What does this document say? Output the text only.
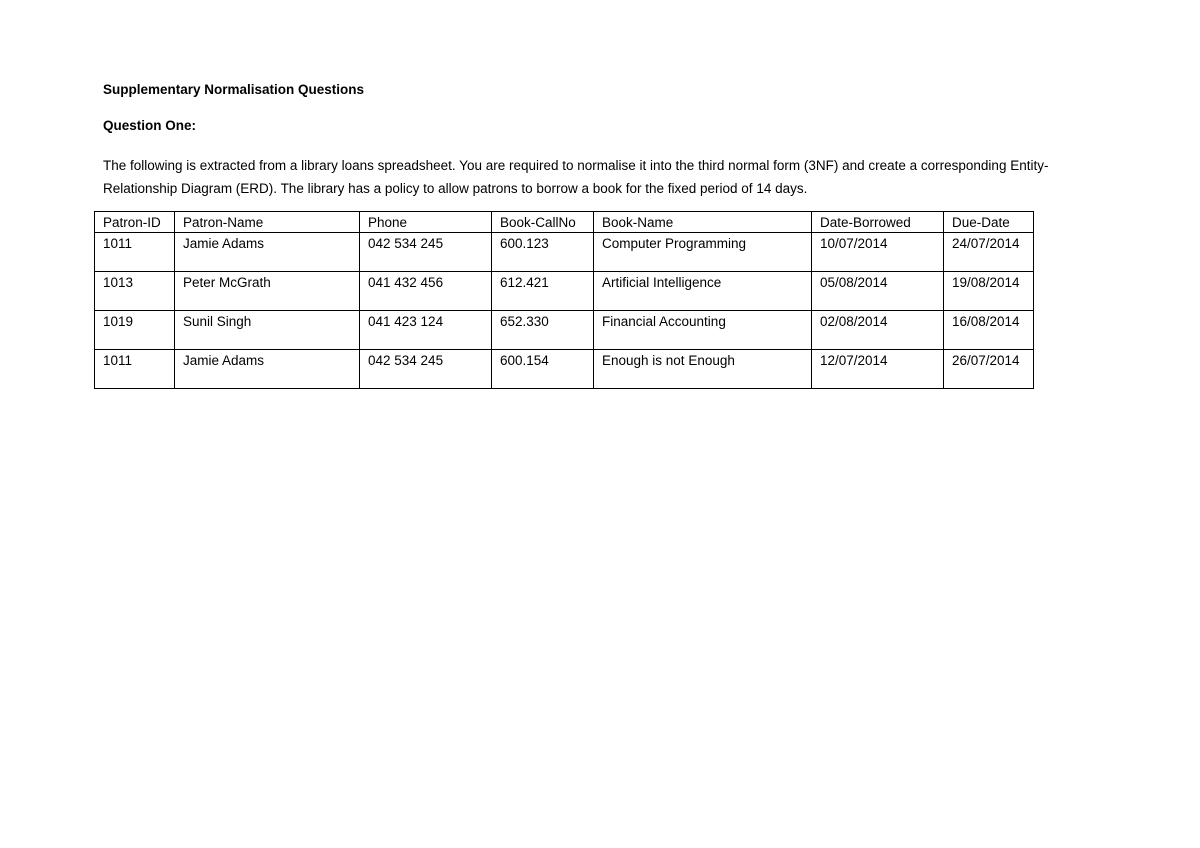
Supplementary Normalisation Questions
Question One:

The following is extracted from a library loans spreadsheet. You are required to normalise it into the third normal form (3NF) and create a corresponding Entity-Relationship Diagram (ERD). The library has a policy to allow patrons to borrow a book for the fixed period of 14 days.

Patron-ID	Patron-Name	Phone	Book-CallNo	Book-Name	Date-Borrowed	Due-Date
1011	Jamie Adams	042 534 245	600.123	Computer Programming	10/07/2014	24/07/2014
1013	Peter McGrath	041 432 456	612.421	Artificial Intelligence	05/08/2014	19/08/2014
1019	Sunil Singh	041 423 124	652.330	Financial Accounting	02/08/2014	16/08/2014
1011	Jamie Adams	042 534 245	600.154	Enough is not Enough	12/07/2014	26/07/2014
